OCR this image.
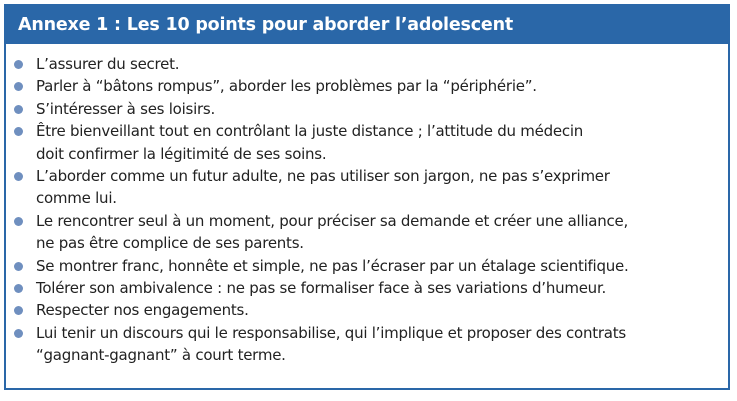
Annexe 1 : Les 10 points pour aborder l’adolescent
L’assurer du secret.
Parler à “bâtons rompus”, aborder les problèmes par la “périphérie”.
S’intéresser à ses loisirs.
Être bienveillant tout en contrôlant la juste distance ; l’attitude du médecin
doit confirmer la légitimité de ses soins.
L’aborder comme un futur adulte, ne pas utiliser son jargon, ne pas s’exprimer
comme lui.
Le rencontrer seul à un moment, pour préciser sa demande et créer une alliance,
ne pas être complice de ses parents.
Se montrer franc, honnête et simple, ne pas l’écraser par un étalage scientifique.
Tolérer son ambivalence : ne pas se formaliser face à ses variations d’humeur.
Respecter nos engagements.
Lui tenir un discours qui le responsabilise, qui l’implique et proposer des contrats
“gagnant-gagnant” à court terme.
